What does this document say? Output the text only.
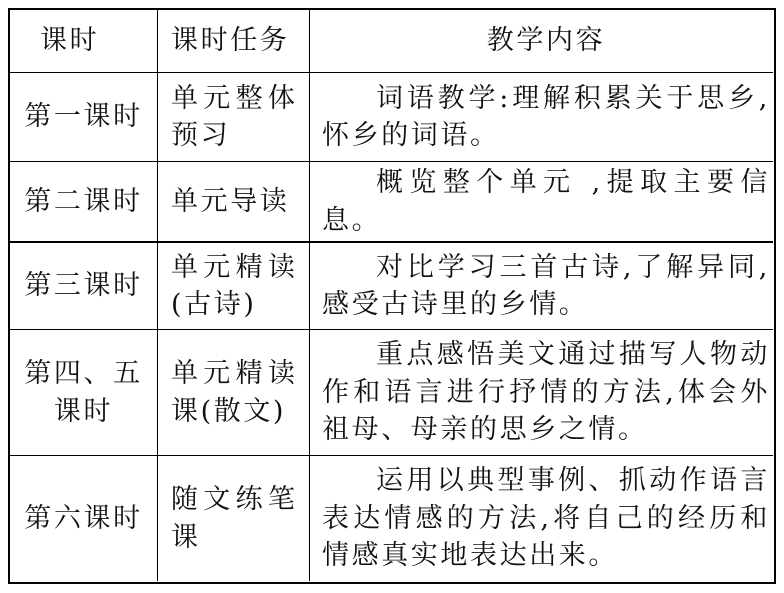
课时	课时任务	教学内容
第一课时
单元整体预习
词语教学:理解积累关于思乡,怀乡的词语。
第二课时 单元导读
概览整个单元 ,提取主要信息。
第三课时
单元精读(古诗)
对比学习三首古诗,了解异同,感受古诗里的乡情。
第四、五课时
单元精读课(散文)
重点感悟美文通过描写人物动作和语言进行抒情的方法,体会外祖母、母亲的思乡之情。
第六课时
随文练笔课
运用以典型事例、抓动作语言表达情感的方法,将自己的经历和情感真实地表达出来。
